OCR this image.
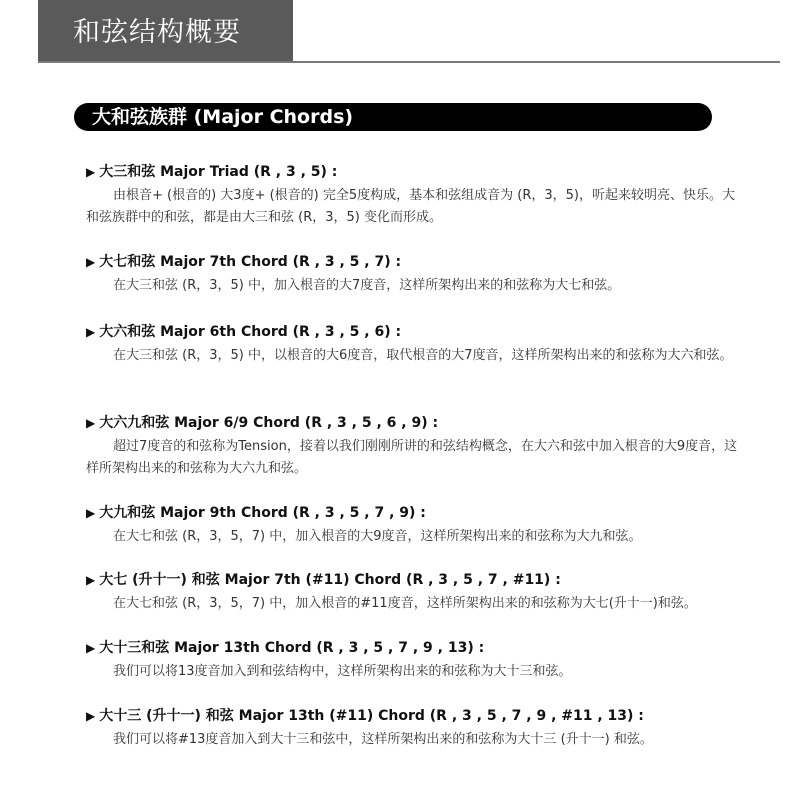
和弦结构概要
大和弦族群 (Major Chords)
▶ 大三和弦 Major Triad (R , 3 , 5) :
由根音+ (根音的) 大3度+ (根音的) 完全5度构成，基本和弦组成音为 (R，3，5)，听起来较明亮、快乐。大和弦族群中的和弦，都是由大三和弦 (R，3，5) 变化而形成。
▶ 大七和弦 Major 7th Chord (R , 3 , 5 , 7) :
在大三和弦 (R，3，5) 中，加入根音的大7度音，这样所架构出来的和弦称为大七和弦。
▶ 大六和弦 Major 6th Chord (R , 3 , 5 , 6) :
在大三和弦 (R，3，5) 中，以根音的大6度音，取代根音的大7度音，这样所架构出来的和弦称为大六和弦。
▶ 大六九和弦 Major 6/9 Chord (R , 3 , 5 , 6 , 9) :
超过7度音的和弦称为Tension，接着以我们刚刚所讲的和弦结构概念，在大六和弦中加入根音的大9度音，这样所架构出来的和弦称为大六九和弦。
▶ 大九和弦 Major 9th Chord (R , 3 , 5 , 7 , 9) :
在大七和弦 (R，3，5，7) 中，加入根音的大9度音，这样所架构出来的和弦称为大九和弦。
▶ 大七 (升十一) 和弦 Major 7th (#11) Chord (R , 3 , 5 , 7 , #11) :
在大七和弦 (R，3，5，7) 中，加入根音的#11度音，这样所架构出来的和弦称为大七(升十一)和弦。
▶ 大十三和弦 Major 13th Chord (R , 3 , 5 , 7 , 9 , 13) :
我们可以将13度音加入到和弦结构中，这样所架构出来的和弦称为大十三和弦。
▶ 大十三 (升十一) 和弦 Major 13th (#11) Chord (R , 3 , 5 , 7 , 9 , #11 , 13) :
我们可以将#13度音加入到大十三和弦中，这样所架构出来的和弦称为大十三 (升十一) 和弦。
